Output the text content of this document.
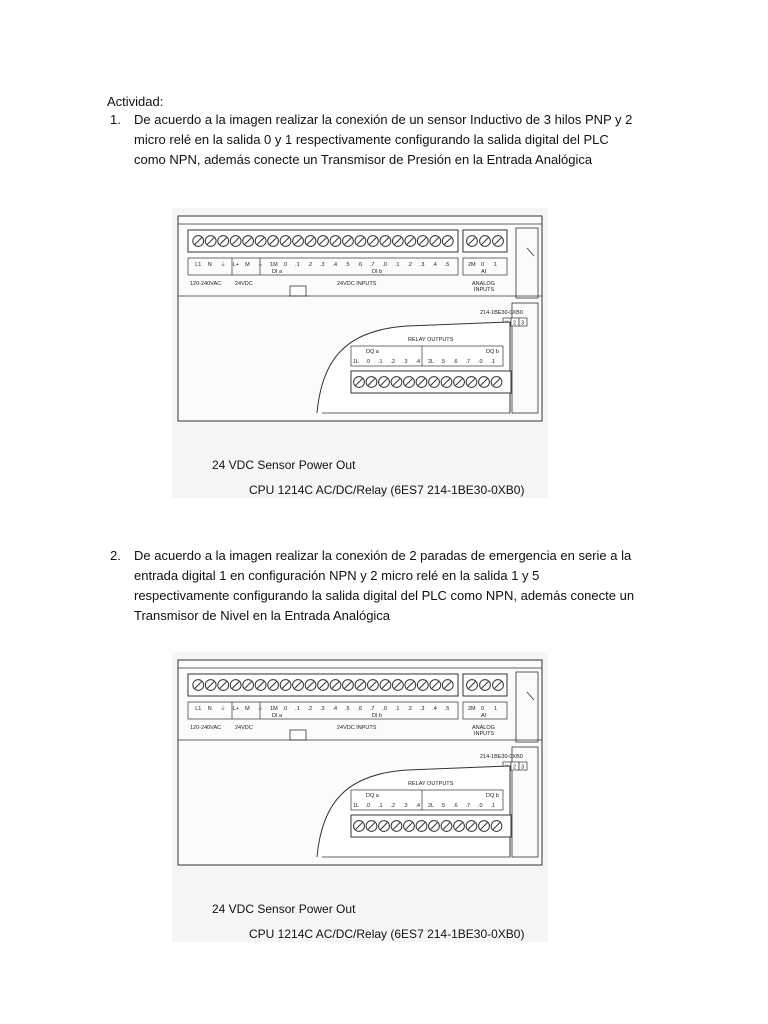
Actividad:
1. De acuerdo a la imagen realizar la conexión de un sensor Inductivo de 3 hilos PNP y 2
micro relé en la salida 0 y 1 respectivamente configurando la salida digital del PLC
como NPN, además conecte un Transmisor de Presión en la Entrada Analógica
L1 N ⏚ L+ M ⏚ 1M .0 .1 .2 .3 .4 .5 .6 .7 .0 .1 .2 .3 .4 .5	2M 0 1
DI a	DI b	AI
120-240VAC	24VDC	24VDC INPUTS	ANALOG
INPUTS
214-1BE30-0XB0
2 3
RELAY OUTPUTS
DQ a	DQ b
1L .0 .1 .2 .3 .4 2L .5 .6 .7 .0 .1
24 VDC Sensor Power Out
CPU 1214C AC/DC/Relay (6ES7 214-1BE30-0XB0)
2. De acuerdo a la imagen realizar la conexión de 2 paradas de emergencia en serie a la
entrada digital 1 en configuración NPN y 2 micro relé en la salida 1 y 5
respectivamente configurando la salida digital del PLC como NPN, además conecte un
Transmisor de Nivel en la Entrada Analógica
L1 N ⏚ L+ M ⏚ 1M .0 .1 .2 .3 .4 .5 .6 .7 .0 .1 .2 .3 .4 .5	2M 0 1
DI a	DI b	AI
120-240VAC	24VDC	24VDC INPUTS	ANALOG
INPUTS
214-1BE30-0XB0
2 3
RELAY OUTPUTS
DQ a	DQ b
1L .0 .1 .2 .3 .4 2L .5 .6 .7 .0 .1
24 VDC Sensor Power Out
CPU 1214C AC/DC/Relay (6ES7 214-1BE30-0XB0)
